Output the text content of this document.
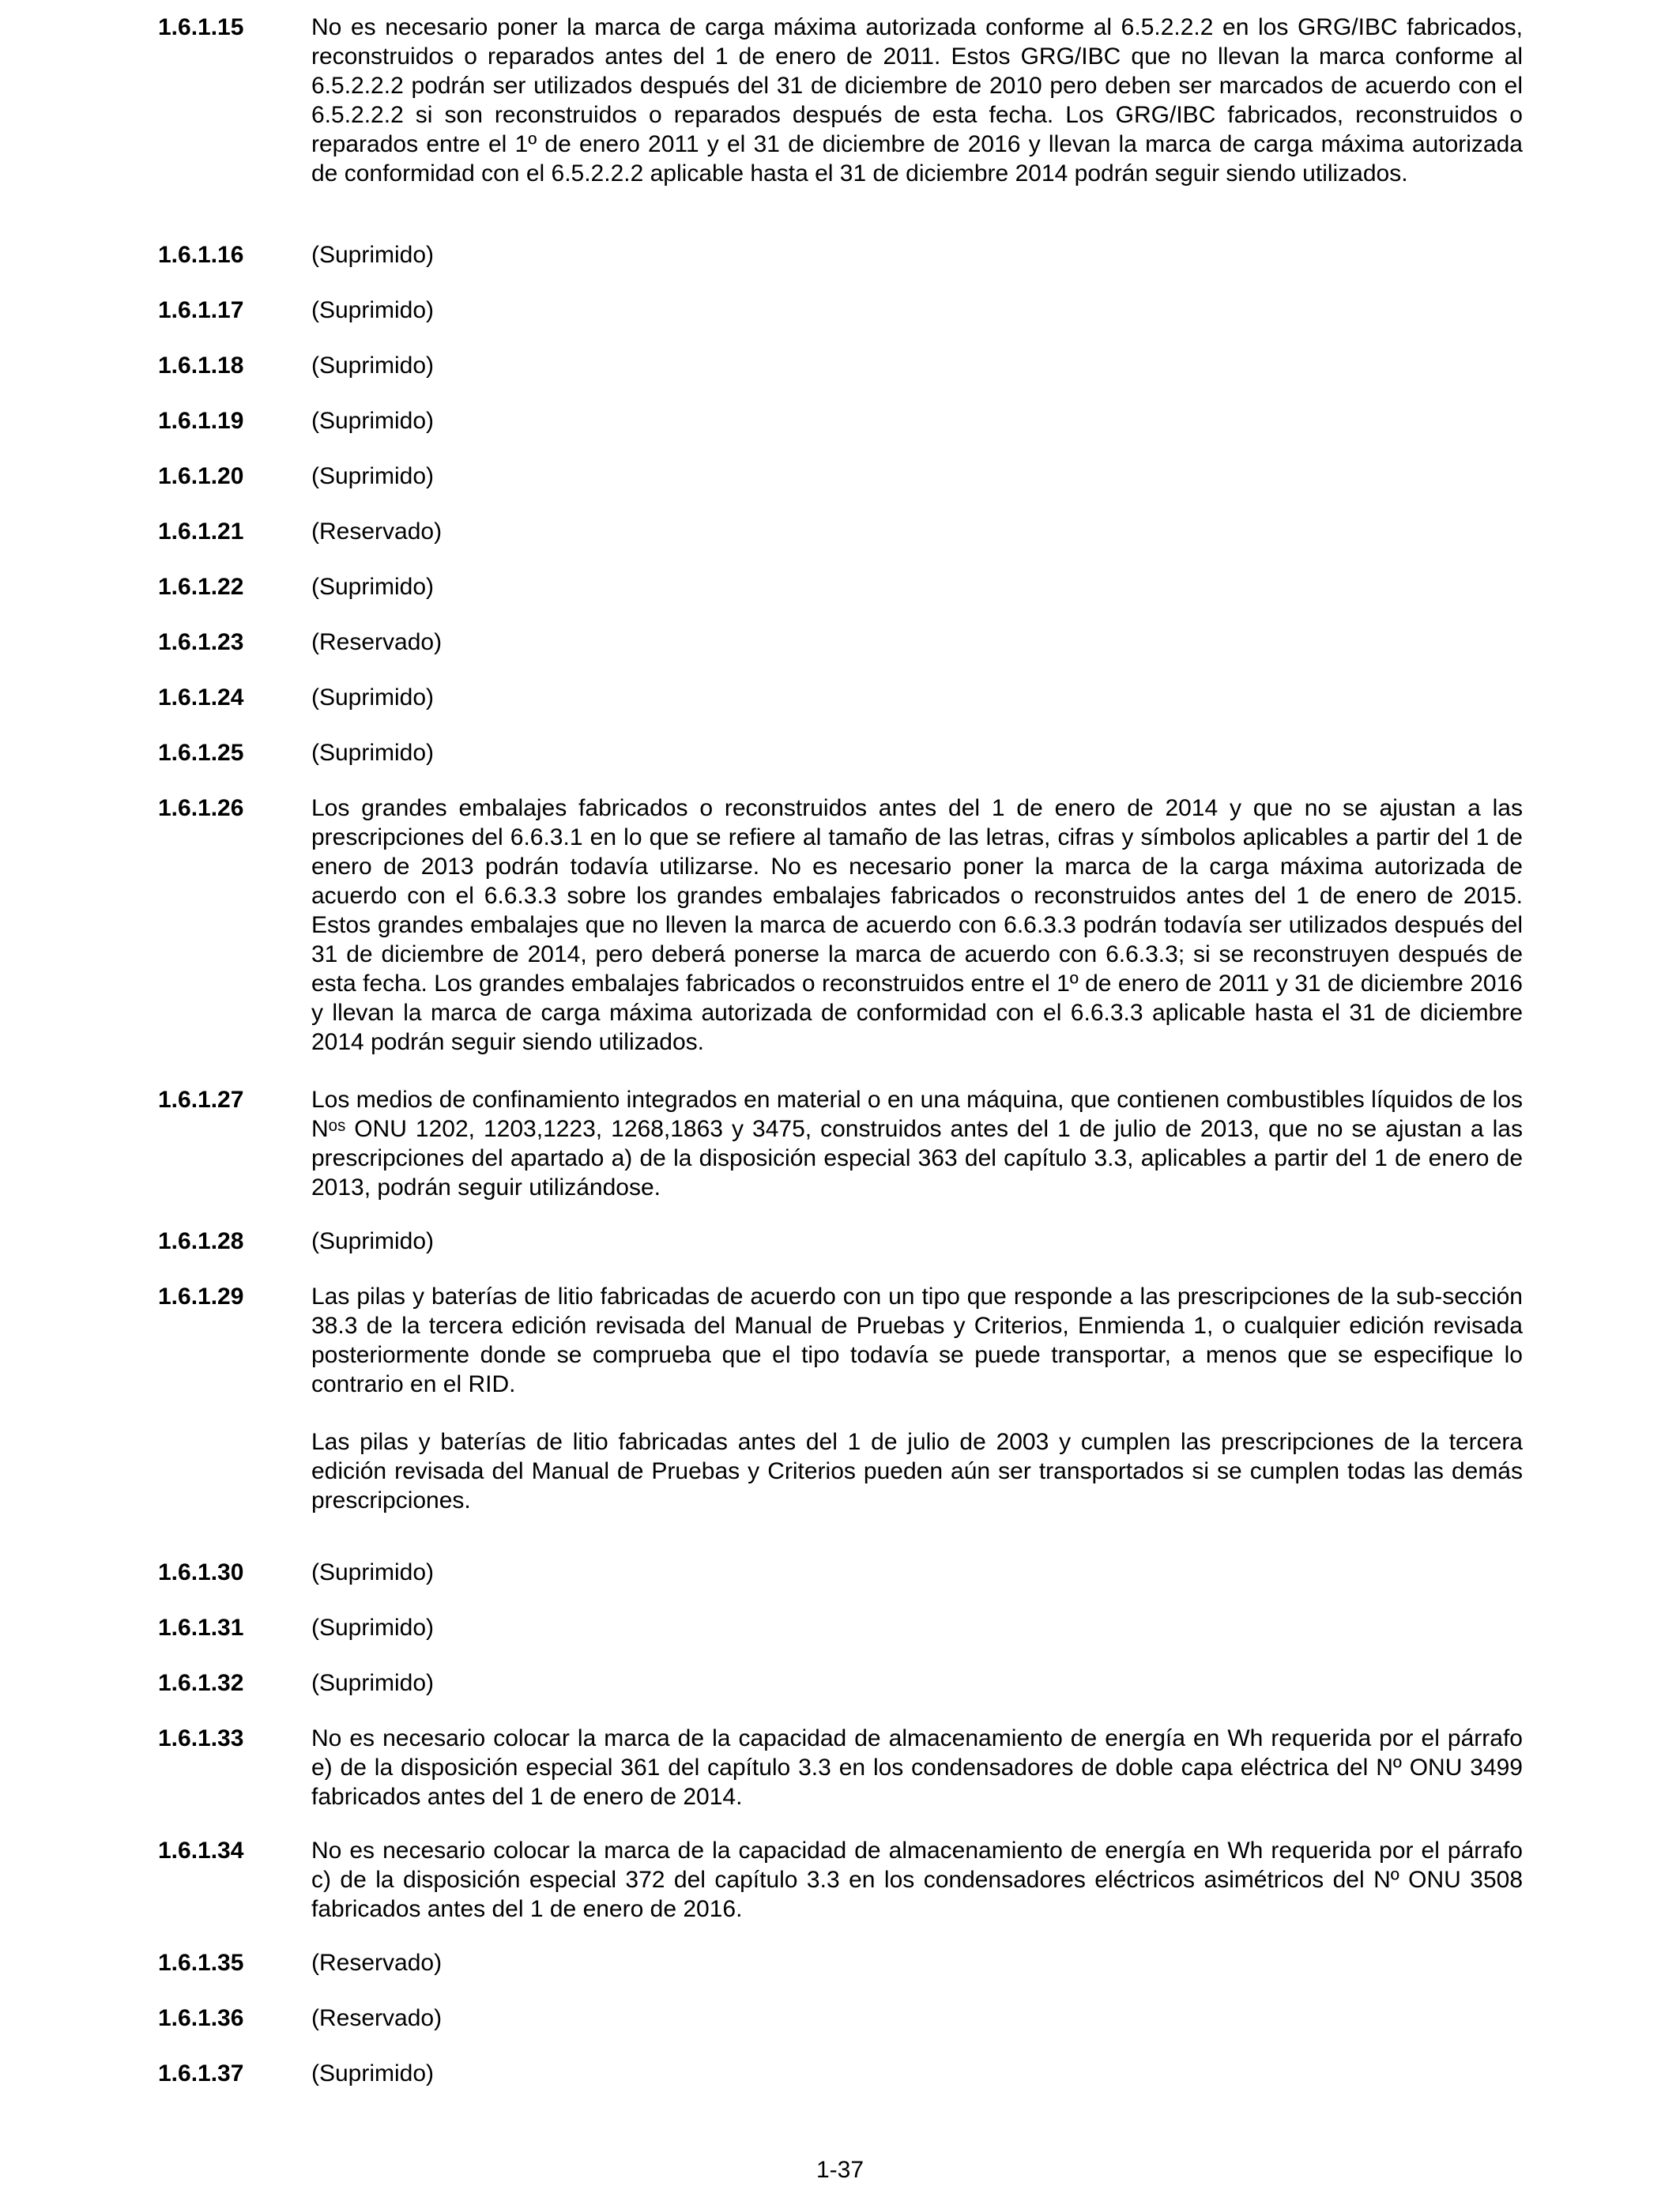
1.6.1.15	No es necesario poner la marca de carga máxima autorizada conforme al 6.5.2.2.2 en los GRG/IBC fabricados, reconstruidos o reparados antes del 1 de enero de 2011. Estos GRG/IBC que no llevan la marca conforme al 6.5.2.2.2 podrán ser utilizados después del 31 de diciembre de 2010 pero deben ser marcados de acuerdo con el 6.5.2.2.2 si son reconstruidos o reparados después de esta fecha. Los GRG/IBC fabricados, reconstruidos o reparados entre el 1º de enero 2011 y el 31 de diciembre de 2016 y llevan la marca de carga máxima autorizada de conformidad con el 6.5.2.2.2 aplicable hasta el 31 de diciembre 2014 podrán seguir siendo utilizados.

1.6.1.16	(Suprimido)

1.6.1.17	(Suprimido)

1.6.1.18	(Suprimido)

1.6.1.19	(Suprimido)

1.6.1.20	(Suprimido)

1.6.1.21	(Reservado)

1.6.1.22	(Suprimido)

1.6.1.23	(Reservado)

1.6.1.24	(Suprimido)

1.6.1.25	(Suprimido)

1.6.1.26	Los grandes embalajes fabricados o reconstruidos antes del 1 de enero de 2014 y que no se ajustan a las prescripciones del 6.6.3.1 en lo que se refiere al tamaño de las letras, cifras y símbolos aplicables a partir del 1 de enero de 2013 podrán todavía utilizarse. No es necesario poner la marca de la carga máxima autorizada de acuerdo con el 6.6.3.3 sobre los grandes embalajes fabricados o reconstruidos antes del 1 de enero de 2015. Estos grandes embalajes que no lleven la marca de acuerdo con 6.6.3.3 podrán todavía ser utilizados después del 31 de diciembre de 2014, pero deberá ponerse la marca de acuerdo con 6.6.3.3; si se reconstruyen después de esta fecha. Los grandes embalajes fabricados o reconstruidos entre el 1º de enero de 2011 y 31 de diciembre 2016 y llevan la marca de carga máxima autorizada de conformidad con el 6.6.3.3 aplicable hasta el 31 de diciembre 2014 podrán seguir siendo utilizados.

1.6.1.27	Los medios de confinamiento integrados en material o en una máquina, que contienen combustibles líquidos de los Nᵒˢ ONU 1202, 1203,1223, 1268,1863 y 3475, construidos antes del 1 de julio de 2013, que no se ajustan a las prescripciones del apartado a) de la disposición especial 363 del capítulo 3.3, aplicables a partir del 1 de enero de 2013, podrán seguir utilizándose.

1.6.1.28	(Suprimido)

1.6.1.29	Las pilas y baterías de litio fabricadas de acuerdo con un tipo que responde a las prescripciones de la sub-sección 38.3 de la tercera edición revisada del Manual de Pruebas y Criterios, Enmienda 1, o cualquier edición revisada posteriormente donde se comprueba que el tipo todavía se puede transportar, a menos que se especifique lo contrario en el RID.

Las pilas y baterías de litio fabricadas antes del 1 de julio de 2003 y cumplen las prescripciones de la tercera edición revisada del Manual de Pruebas y Criterios pueden aún ser transportados si se cumplen todas las demás prescripciones.

1.6.1.30	(Suprimido)

1.6.1.31	(Suprimido)

1.6.1.32	(Suprimido)

1.6.1.33	No es necesario colocar la marca de la capacidad de almacenamiento de energía en Wh requerida por el párrafo e) de la disposición especial 361 del capítulo 3.3 en los condensadores de doble capa eléctrica del Nº ONU 3499 fabricados antes del 1 de enero de 2014.

1.6.1.34	No es necesario colocar la marca de la capacidad de almacenamiento de energía en Wh requerida por el párrafo c) de la disposición especial 372 del capítulo 3.3 en los condensadores eléctricos asimétricos del Nº ONU 3508 fabricados antes del 1 de enero de 2016.

1.6.1.35	(Reservado)

1.6.1.36	(Reservado)

1.6.1.37	(Suprimido)

1-37
